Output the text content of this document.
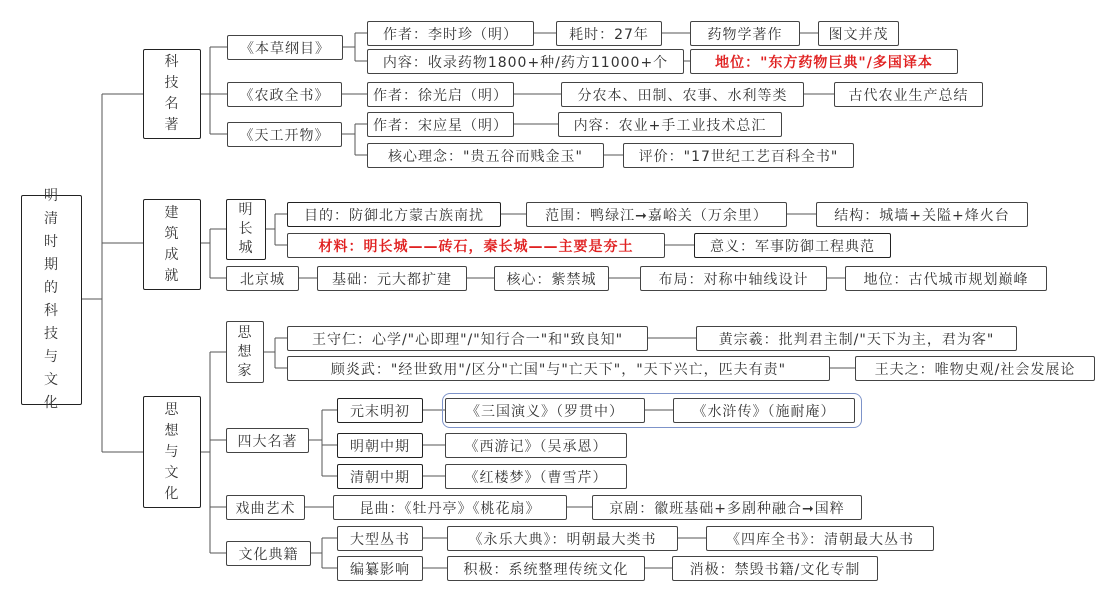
明清时期的科技与文化
科技名著
建筑成就
思想与文化
《本草纲目》
作者：李时珍（明）	耗时：27年	药物学著作	图文并茂
内容：收录药物1800+种/药方11000+个	地位："东方药物巨典"/多国译本
《农政全书》	作者：徐光启（明）	分农本、田制、农事、水利等类	古代农业生产总结
《天工开物》
作者：宋应星（明）	内容：农业+手工业技术总汇
核心理念："贵五谷而贱金玉"	评价："17世纪工艺百科全书"
明长城
目的：防御北方蒙古族南扰	范围：鸭绿江➞嘉峪关（万余里）	结构：城墙+关隘+烽火台
材料：明长城——砖石，秦长城——主要是夯土	意义：军事防御工程典范
北京城	基础：元大都扩建	核心：紫禁城	布局：对称中轴线设计	地位：古代城市规划巅峰
思想家
王守仁：心学/"心即理"/"知行合一"和"致良知"	黄宗羲：批判君主制/"天下为主，君为客"
顾炎武："经世致用"/区分"亡国"与"亡天下"，"天下兴亡，匹夫有责"	王夫之：唯物史观/社会发展论
四大名著
元末明初	《三国演义》（罗贯中）	《水浒传》（施耐庵）
明朝中期	《西游记》（吴承恩）
清朝中期	《红楼梦》（曹雪芹）
戏曲艺术	昆曲：《牡丹亭》《桃花扇》	京剧：徽班基础+多剧种融合➞国粹
文化典籍
大型丛书	《永乐大典》：明朝最大类书	《四库全书》：清朝最大丛书
编纂影响	积极：系统整理传统文化	消极：禁毁书籍/文化专制
